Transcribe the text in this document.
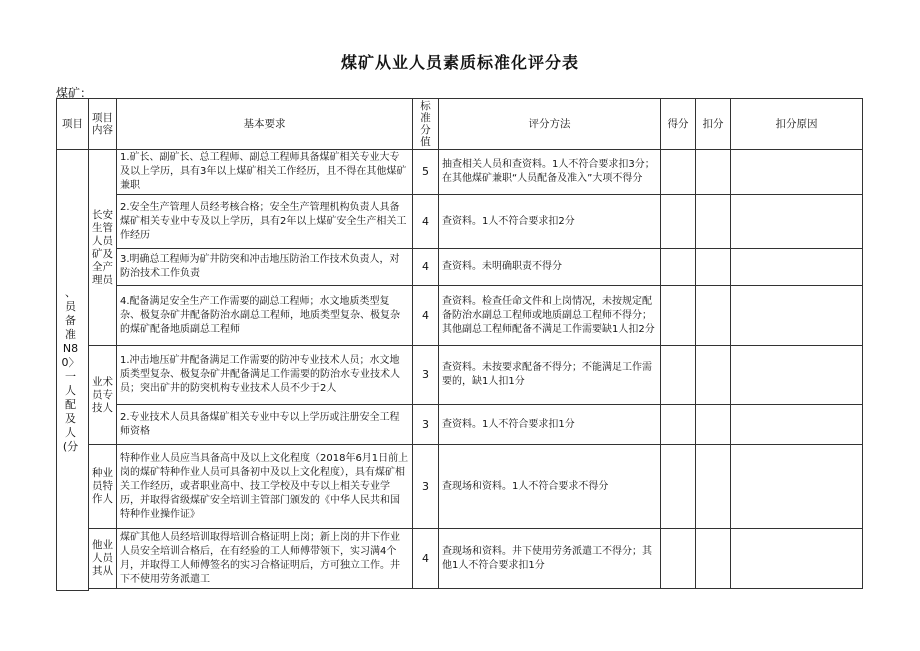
煤矿从业人员素质标准化评分表
煤矿：
项目	项目内容	基本要求	标准分值	评分方法	得分	扣分	扣分原因
、员备准N80〉一人配及人(分	长安生管人员矿及全产理员	1.矿长、副矿长、总工程师、副总工程师具备煤矿相关专业大专及以上学历，具有3年以上煤矿相关工作经历，且不得在其他煤矿兼职	5	抽查相关人员和查资料。1人不符合要求扣3分；在其他煤矿兼职“人员配备及准入”大项不得分			
		2.安全生产管理人员经考核合格；安全生产管理机构负责人具备煤矿相关专业中专及以上学历，具有2年以上煤矿安全生产相关工作经历	4	查资料。1人不符合要求扣2分			
		3.明确总工程师为矿井防突和冲击地压防治工作技术负责人，对防治技术工作负责	4	查资料。未明确职责不得分			
		4.配备满足安全生产工作需要的副总工程师；水文地质类型复杂、极复杂矿井配备防治水副总工程师，地质类型复杂、极复杂的煤矿配备地质副总工程师	4	查资料。检查任命文件和上岗情况，未按规定配备防治水副总工程师或地质副总工程师不得分；其他副总工程师配备不满足工作需要缺1人扣2分			
	业术员专技人	1.冲击地压矿井配备满足工作需要的防冲专业技术人员；水文地质类型复杂、极复杂矿井配备满足工作需要的防治水专业技术人员；突出矿井的防突机构专业技术人员不少于2人	3	查资料。未按要求配备不得分；不能满足工作需要的，缺1人扣1分			
		2.专业技术人员具备煤矿相关专业中专以上学历或注册安全工程师资格	3	查资料。1人不符合要求扣1分			
	种业员特作人	特种作业人员应当具备高中及以上文化程度（2018年6月1日前上岗的煤矿特种作业人员可具备初中及以上文化程度），具有煤矿相关工作经历，或者职业高中、技工学校及中专以上相关专业学历，并取得省级煤矿安全培训主管部门颁发的《中华人民共和国特种作业操作证》	3	查现场和资料。1人不符合要求不得分			
	他业人员其从	煤矿其他人员经培训取得培训合格证明上岗；新上岗的井下作业人员安全培训合格后，在有经验的工人师傅带领下，实习满4个月，并取得工人师傅签名的实习合格证明后，方可独立工作。井下不使用劳务派遣工	4	查现场和资料。井下使用劳务派遣工不得分；其他1人不符合要求扣1分			
